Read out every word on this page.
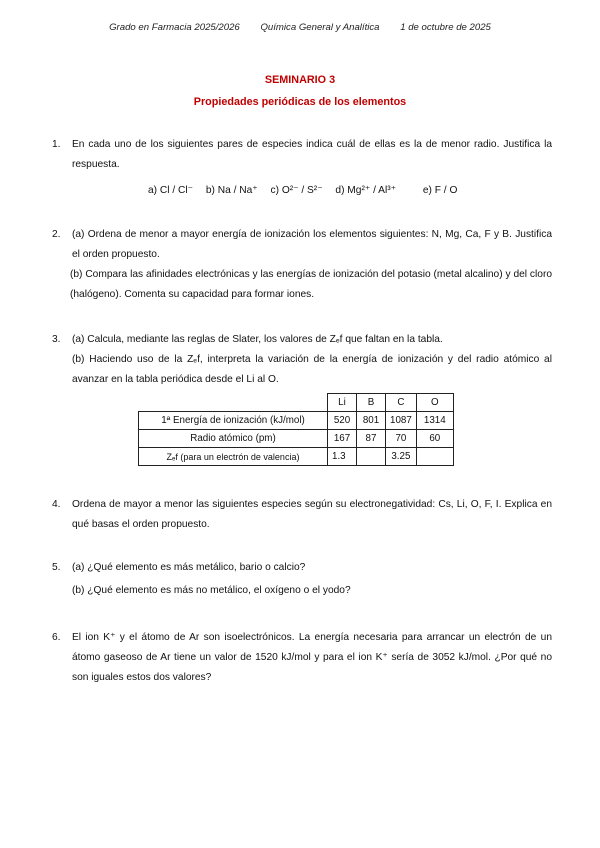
Grado en Farmacia 2025/2026 Química General y Analítica 1 de octubre de 2025
SEMINARIO 3
Propiedades periódicas de los elementos
1.	En cada uno de los siguientes pares de especies indica cuál de ellas es la de menor radio. Justifica la respuesta.
a) Cl / Cl⁻ b) Na / Na⁺ c) O²⁻ / S²⁻ d) Mg²⁺ / Al³⁺	e) F / O
2.	(a) Ordena de menor a mayor energía de ionización los elementos siguientes: N, Mg, Ca, F y B. Justifica el orden propuesto.
(b) Compara las afinidades electrónicas y las energías de ionización del potasio (metal alcalino) y del cloro (halógeno). Comenta su capacidad para formar iones.
3.	(a) Calcula, mediante las reglas de Slater, los valores de Zₑf que faltan en la tabla.
(b) Haciendo uso de la Zₑf, interpreta la variación de la energía de ionización y del radio atómico al avanzar en la tabla periódica desde el Li al O.
	Li	B	C	O
1ª Energía de ionización (kJ/mol)	520	801	1087	1314
Radio atómico (pm)	167	87	70	60
Zₑf (para un electrón de valencia)	1.3		3.25	
4.	Ordena de mayor a menor las siguientes especies según su electronegatividad: Cs, Li, O, F, I. Explica en qué basas el orden propuesto.
5.	(a) ¿Qué elemento es más metálico, bario o calcio?
(b) ¿Qué elemento es más no metálico, el oxígeno o el yodo?
6.	El ion K⁺ y el átomo de Ar son isoelectrónicos. La energía necesaria para arrancar un electrón de un átomo gaseoso de Ar tiene un valor de 1520 kJ/mol y para el ion K⁺ sería de 3052 kJ/mol. ¿Por qué no son iguales estos dos valores?
